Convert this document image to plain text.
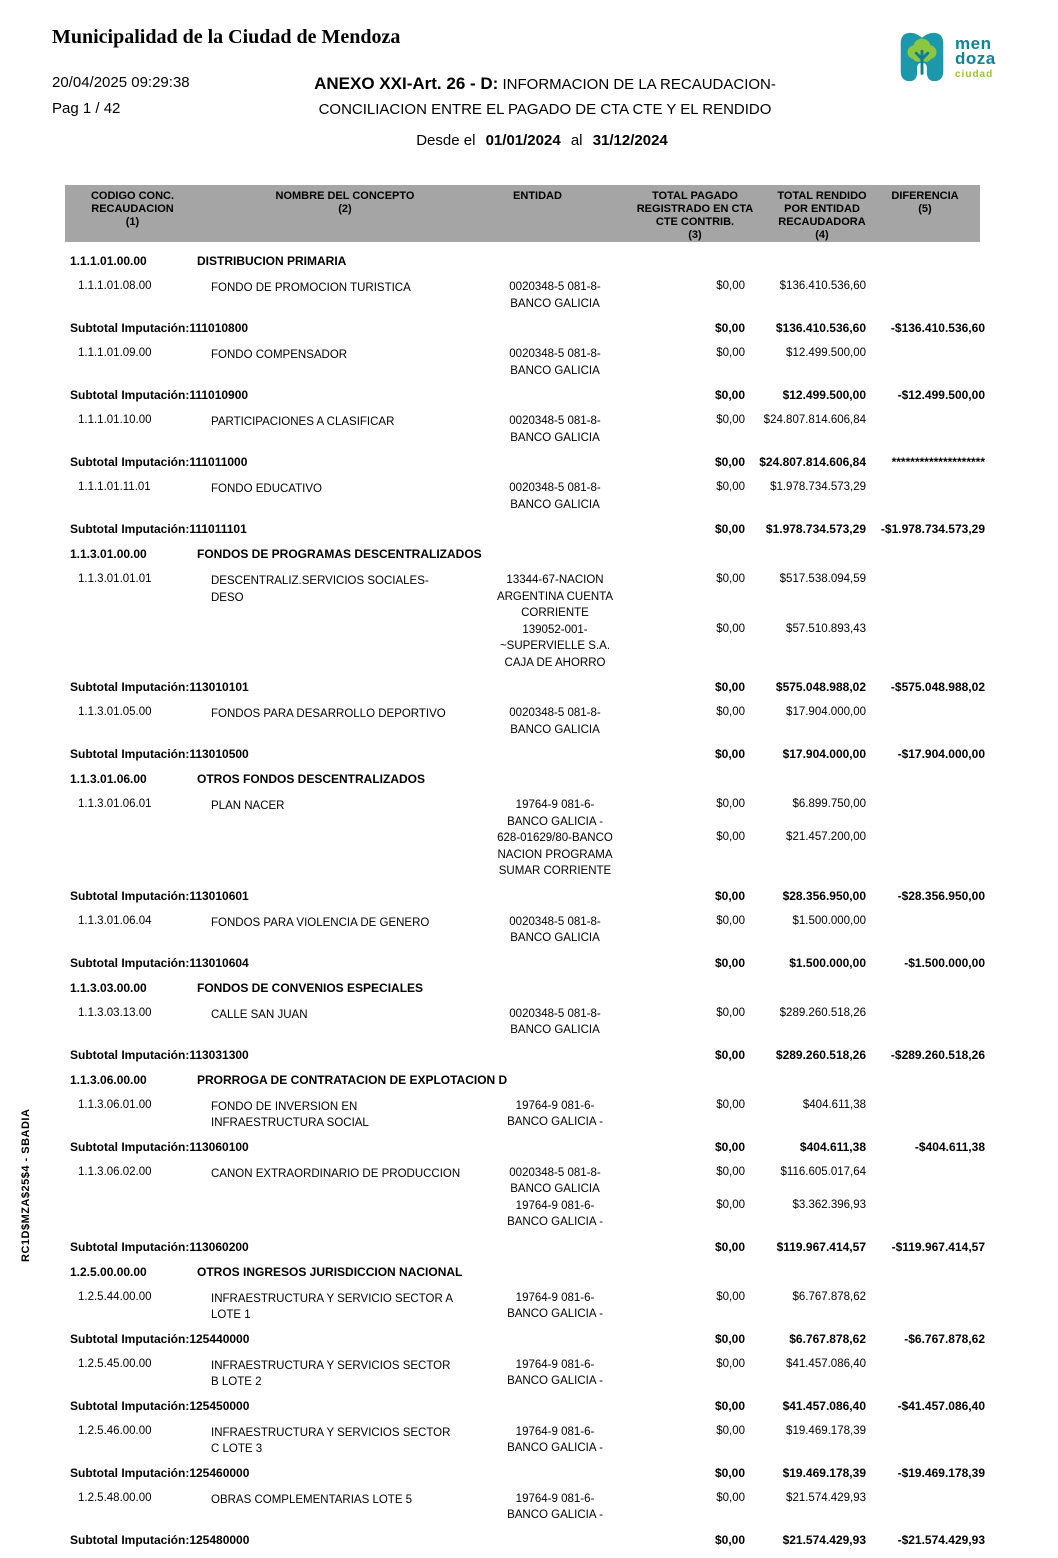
Municipalidad de la Ciudad de Mendoza
20/04/2025 09:29:38
Pag 1 / 42
ANEXO XXI-Art. 26 - D: INFORMACION DE LA RECAUDACION-
CONCILIACION ENTRE EL PAGADO DE CTA CTE Y EL RENDIDO
Desde el 01/01/2024 al 31/12/2024
men
doza
ciudad
CODIGO CONC.
RECAUDACION
(1)
NOMBRE DEL CONCEPTO
(2)
ENTIDAD	TOTAL PAGADO
REGISTRADO EN CTA
CTE CONTRIB.
(3)
TOTAL RENDIDO
POR ENTIDAD
RECAUDADORA
(4)
DIFERENCIA
(5)
1.1.1.01.00.00	DISTRIBUCION PRIMARIA
1.1.1.01.08.00	FONDO DE PROMOCION TURISTICA	0020348-5 081-8-
BANCO GALICIA
$0,00	$136.410.536,60
Subtotal Imputación:111010800	$0,00	$136.410.536,60 -$136.410.536,60
1.1.1.01.09.00	FONDO COMPENSADOR	0020348-5 081-8-
BANCO GALICIA
$0,00	$12.499.500,00
Subtotal Imputación:111010900	$0,00	$12.499.500,00	-$12.499.500,00
1.1.1.01.10.00	PARTICIPACIONES A CLASIFICAR	0020348-5 081-8-
BANCO GALICIA
$0,00 $24.807.814.606,84
Subtotal Imputación:111011000	$0,00 $24.807.814.606,84 ********************
1.1.1.01.11.01	FONDO EDUCATIVO	0020348-5 081-8-
BANCO GALICIA
$0,00 $1.978.734.573,29
Subtotal Imputación:111011101	$0,00 $1.978.734.573,29 -$1.978.734.573,29
1.1.3.01.00.00	FONDOS DE PROGRAMAS DESCENTRALIZADOS
1.1.3.01.01.01	DESCENTRALIZ.SERVICIOS SOCIALES-
DESO
13344-67-NACION
ARGENTINA CUENTA
CORRIENTE
$0,00	$517.538.094,59
139052-001-
~SUPERVIELLE S.A.
CAJA DE AHORRO
$0,00	$57.510.893,43
Subtotal Imputación:113010101	$0,00	$575.048.988,02 -$575.048.988,02
1.1.3.01.05.00	FONDOS PARA DESARROLLO DEPORTIVO	0020348-5 081-8-
BANCO GALICIA
$0,00	$17.904.000,00
Subtotal Imputación:113010500	$0,00	$17.904.000,00	-$17.904.000,00
1.1.3.01.06.00	OTROS FONDOS DESCENTRALIZADOS
1.1.3.01.06.01	PLAN NACER	19764-9 081-6-
BANCO GALICIA -
$0,00	$6.899.750,00
628-01629/80-BANCO
NACION PROGRAMA
SUMAR CORRIENTE
$0,00	$21.457.200,00
Subtotal Imputación:113010601	$0,00	$28.356.950,00	-$28.356.950,00
1.1.3.01.06.04	FONDOS PARA VIOLENCIA DE GENERO	0020348-5 081-8-
BANCO GALICIA
$0,00	$1.500.000,00
Subtotal Imputación:113010604	$0,00	$1.500.000,00	-$1.500.000,00
1.1.3.03.00.00	FONDOS DE CONVENIOS ESPECIALES
1.1.3.03.13.00	CALLE SAN JUAN	0020348-5 081-8-
BANCO GALICIA
$0,00	$289.260.518,26
Subtotal Imputación:113031300	$0,00	$289.260.518,26 -$289.260.518,26
1.1.3.06.00.00	PRORROGA DE CONTRATACION DE EXPLOTACION D
1.1.3.06.01.00	FONDO DE INVERSION EN
INFRAESTRUCTURA SOCIAL
19764-9 081-6-
BANCO GALICIA -
$0,00	$404.611,38
Subtotal Imputación:113060100	$0,00	$404.611,38	-$404.611,38
1.1.3.06.02.00	CANON EXTRAORDINARIO DE PRODUCCION	0020348-5 081-8-
BANCO GALICIA
$0,00	$116.605.017,64
19764-9 081-6-
BANCO GALICIA -
$0,00	$3.362.396,93
Subtotal Imputación:113060200	$0,00	$119.967.414,57 -$119.967.414,57
1.2.5.00.00.00	OTROS INGRESOS JURISDICCION NACIONAL
1.2.5.44.00.00	INFRAESTRUCTURA Y SERVICIO SECTOR A
LOTE 1
19764-9 081-6-
BANCO GALICIA -
$0,00	$6.767.878,62
Subtotal Imputación:125440000	$0,00	$6.767.878,62	-$6.767.878,62
1.2.5.45.00.00	INFRAESTRUCTURA Y SERVICIOS SECTOR
B LOTE 2
19764-9 081-6-
BANCO GALICIA -
$0,00	$41.457.086,40
Subtotal Imputación:125450000	$0,00	$41.457.086,40	-$41.457.086,40
1.2.5.46.00.00	INFRAESTRUCTURA Y SERVICIOS SECTOR
C LOTE 3
19764-9 081-6-
BANCO GALICIA -
$0,00	$19.469.178,39
Subtotal Imputación:125460000	$0,00	$19.469.178,39	-$19.469.178,39
1.2.5.48.00.00	OBRAS COMPLEMENTARIAS LOTE 5	19764-9 081-6-
BANCO GALICIA -
$0,00	$21.574.429,93
Subtotal Imputación:125480000	$0,00	$21.574.429,93	-$21.574.429,93
RC1D$MZA$25$4 - SBADIA
